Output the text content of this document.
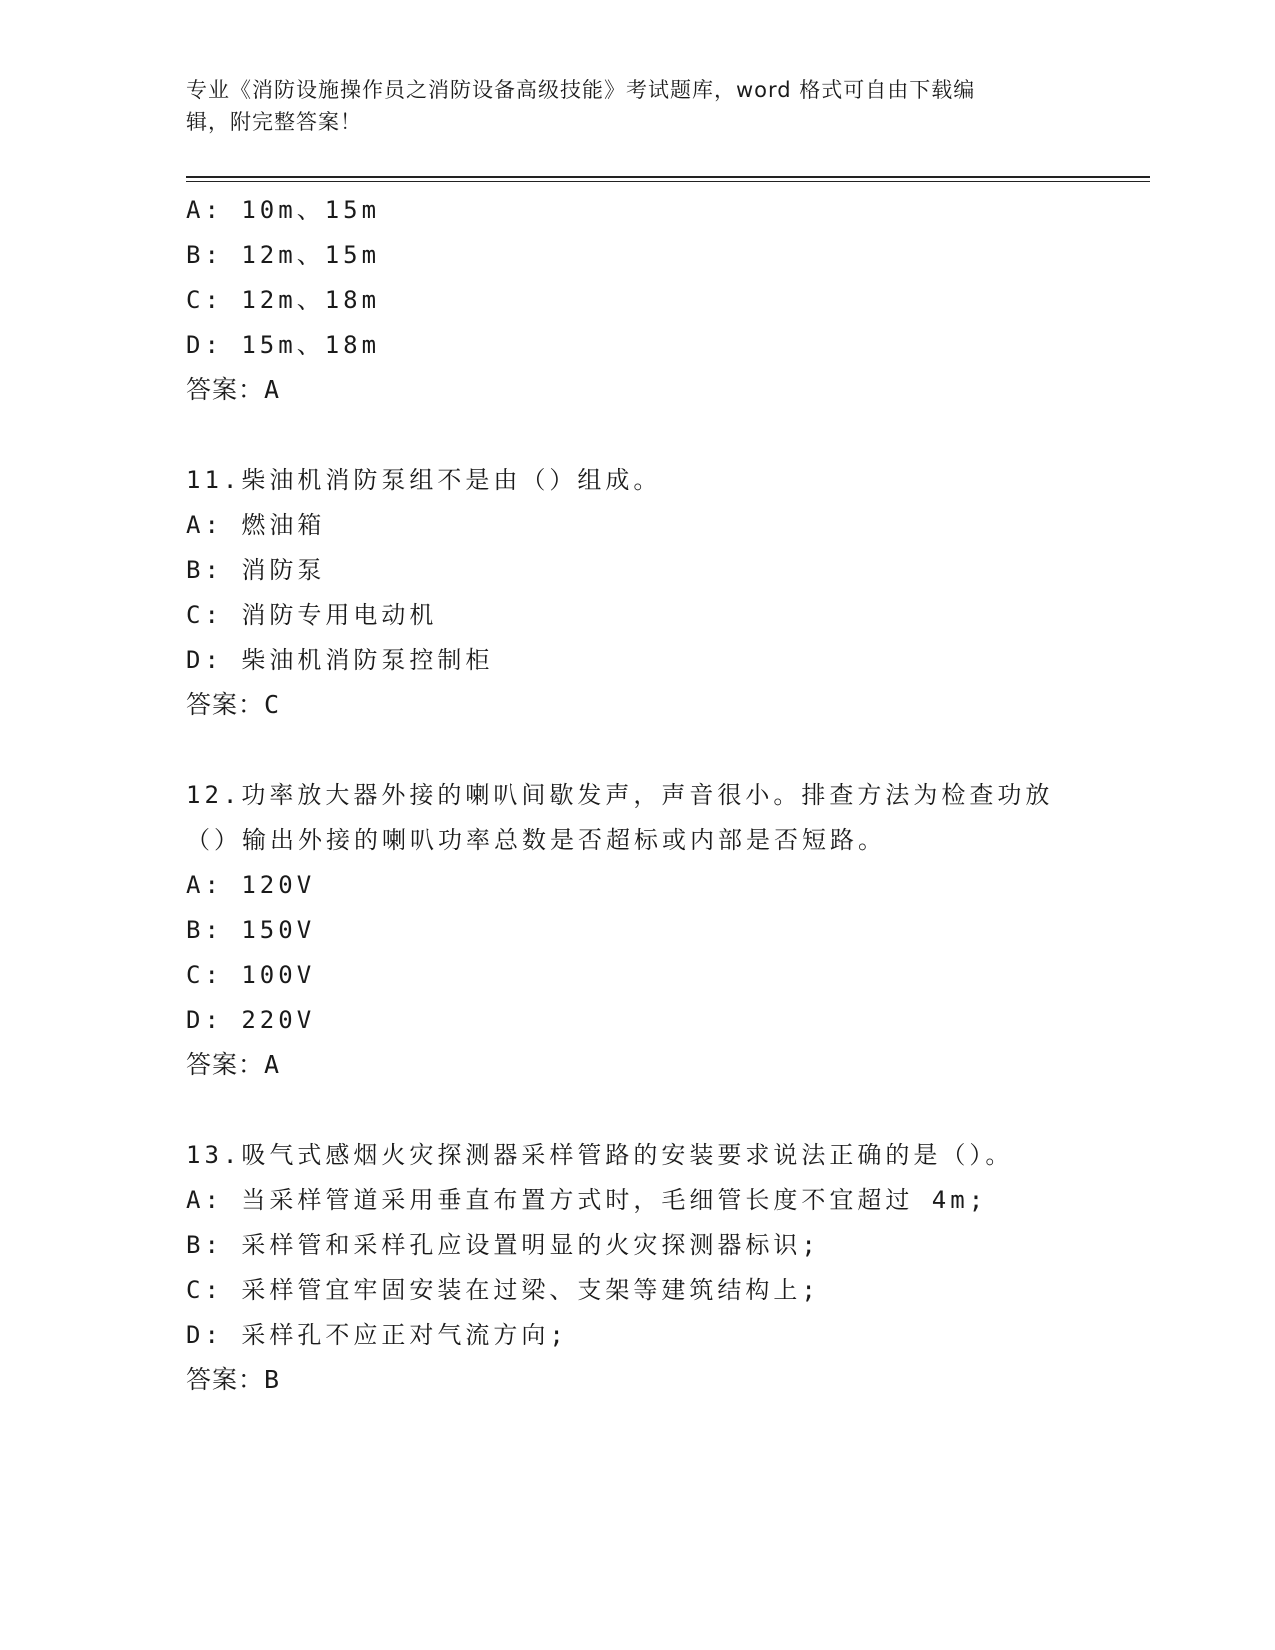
专业《消防设施操作员之消防设备高级技能》考试题库，word 格式可自由下载编
辑，附完整答案！
A: 10m、15m
B: 12m、15m
C: 12m、18m
D: 15m、18m
答案：A
11.柴油机消防泵组不是由（）组成。
A: 燃油箱
B: 消防泵
C: 消防专用电动机
D: 柴油机消防泵控制柜
答案：C
12.功率放大器外接的喇叭间歇发声，声音很小。排查方法为检查功放
（）输出外接的喇叭功率总数是否超标或内部是否短路。
A: 120V
B: 150V
C: 100V
D: 220V
答案：A
13.吸气式感烟火灾探测器采样管路的安装要求说法正确的是（）。
A: 当采样管道采用垂直布置方式时，毛细管长度不宜超过 4m;
B: 采样管和采样孔应设置明显的火灾探测器标识;
C: 采样管宜牢固安装在过梁、支架等建筑结构上;
D: 采样孔不应正对气流方向;
答案：B
